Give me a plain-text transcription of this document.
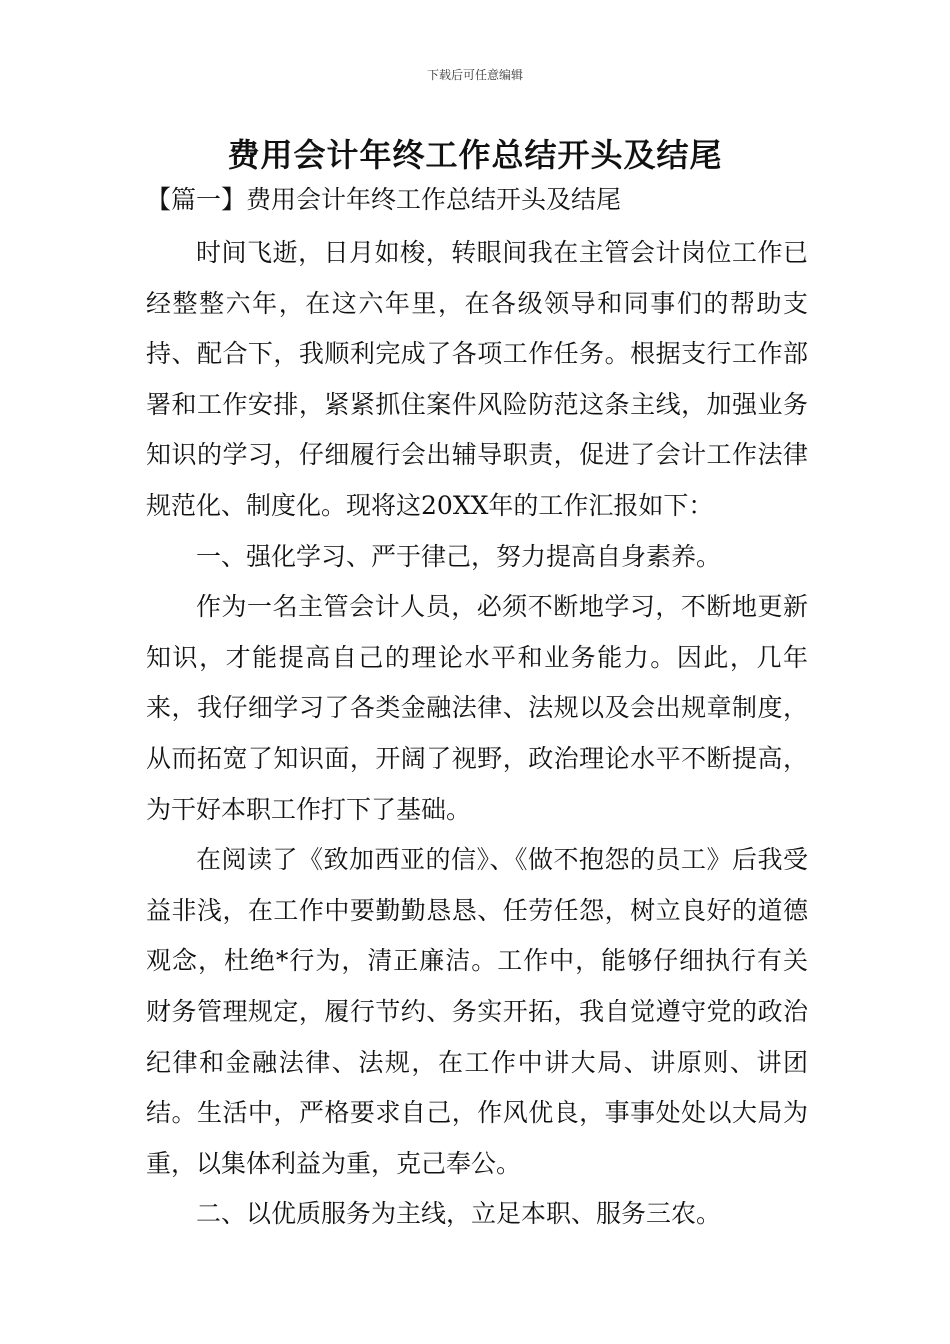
下载后可任意编辑
费用会计年终工作总结开头及结尾
【篇一】费用会计年终工作总结开头及结尾

时间飞逝，日月如梭，转眼间我在主管会计岗位工作已经整整六年，在这六年里，在各级领导和同事们的帮助支持、配合下，我顺利完成了各项工作任务。根据支行工作部署和工作安排，紧紧抓住案件风险防范这条主线，加强业务知识的学习，仔细履行会出辅导职责，促进了会计工作法律规范化、制度化。现将这20XX年的工作汇报如下：

一、强化学习、严于律己，努力提高自身素养。

作为一名主管会计人员，必须不断地学习，不断地更新知识，才能提高自己的理论水平和业务能力。因此，几年来，我仔细学习了各类金融法律、法规以及会出规章制度，从而拓宽了知识面，开阔了视野，政治理论水平不断提高，为干好本职工作打下了基础。

在阅读了《致加西亚的信》、《做不抱怨的员工》后我受益非浅，在工作中要勤勤恳恳、任劳任怨，树立良好的道德观念，杜绝*行为，清正廉洁。工作中，能够仔细执行有关财务管理规定，履行节约、务实开拓，我自觉遵守党的政治纪律和金融法律、法规，在工作中讲大局、讲原则、讲团结。生活中，严格要求自己，作风优良，事事处处以大局为重，以集体利益为重，克己奉公。

二、以优质服务为主线，立足本职、服务三农。
